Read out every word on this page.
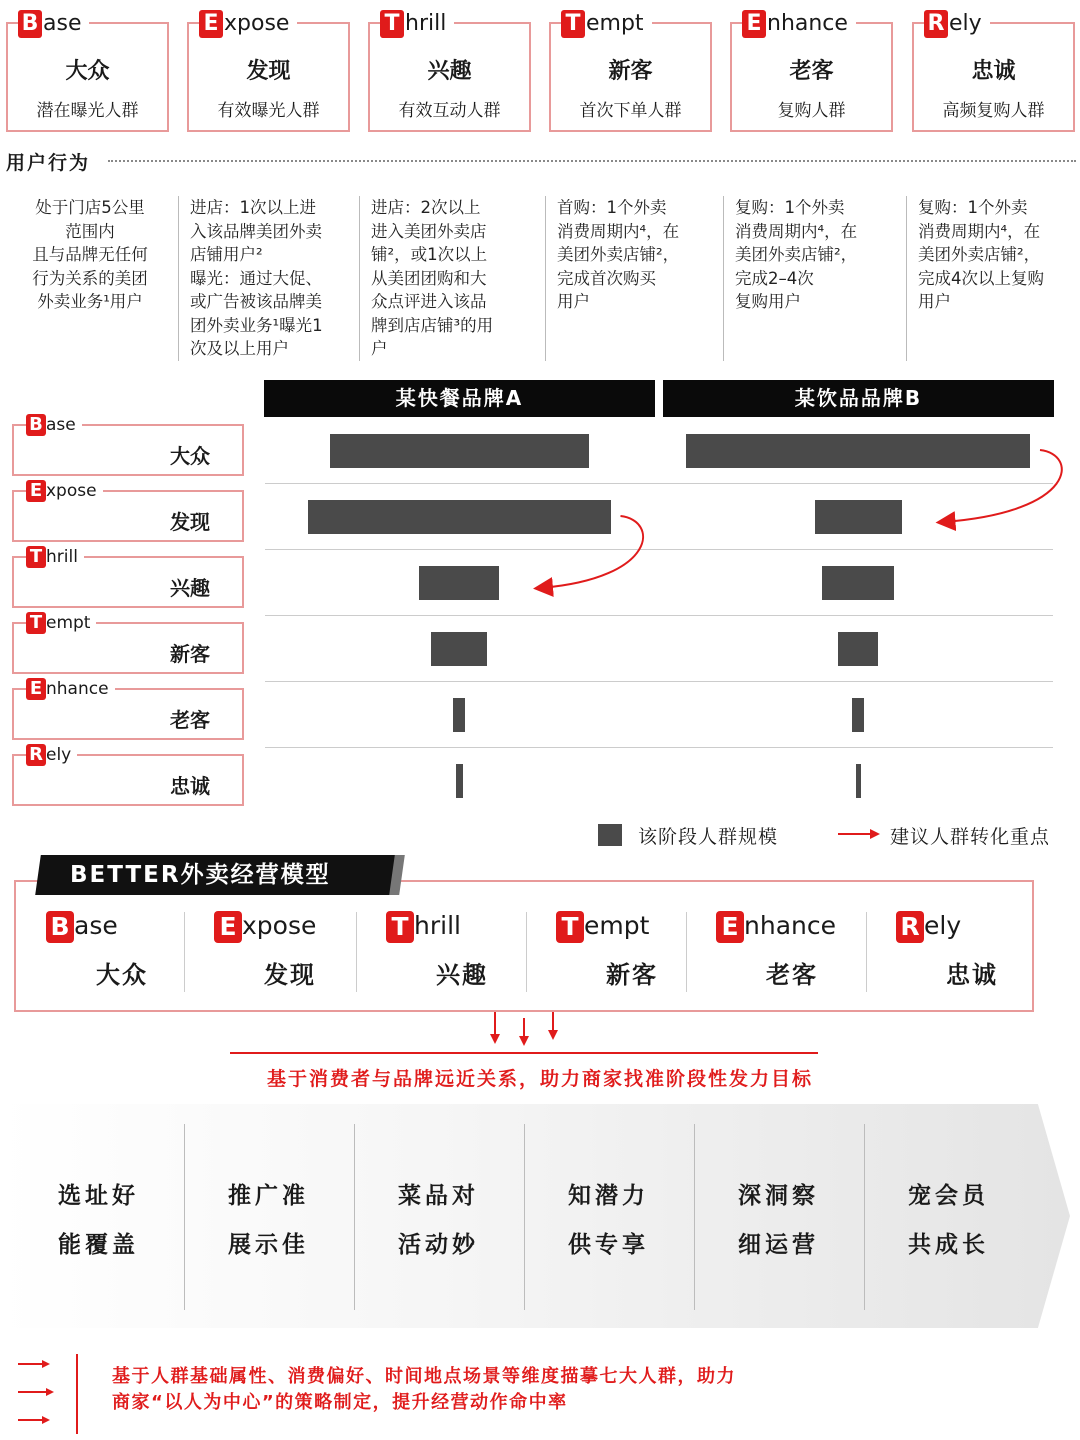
B ase
大众
潜在曝光人群
E xpose
发现
有效曝光人群
T hrill
兴趣
有效互动人群
T empt
新客
首次下单人群
E nhance
老客
复购人群
R ely
忠诚
高频复购人群
用户行为
处于门店5公里
范围内
且与品牌无任何
行为关系的美团
外卖业务¹用户
进店：1次以上进
入该品牌美团外卖
店铺用户²
曝光：通过大促、
或广告被该品牌美
团外卖业务¹曝光1
次及以上用户
进店：2次以上
进入美团外卖店
铺²，或1次以上
从美团团购和大
众点评进入该品
牌到店店铺³的用
户
首购：1个外卖
消费周期内⁴，在
美团外卖店铺²，
完成首次购买
用户
复购：1个外卖
消费周期内⁴，在
美团外卖店铺²，
完成2–4次
复购用户
复购：1个外卖
消费周期内⁴，在
美团外卖店铺²，
完成4次以上复购
用户
某快餐品牌A	某饮品品牌B
B ase
大众
E xpose
发现
T hrill
兴趣
T empt
新客
E nhance
老客
R ely
忠诚
该阶段人群规模	建议人群转化重点
BETTER外卖经营模型
B ase
大众
E xpose
发现
T hrill
兴趣
T empt
新客
E nhance
老客
R ely
忠诚
基于消费者与品牌远近关系，助力商家找准阶段性发力目标
选址好
能覆盖
推广准
展示佳
菜品对
活动妙
知潜力
供专享
深洞察
细运营
宠会员
共成长
基于人群基础属性、消费偏好、时间地点场景等维度描摹七大人群，助力
商家“以人为中心”的策略制定，提升经营动作命中率
